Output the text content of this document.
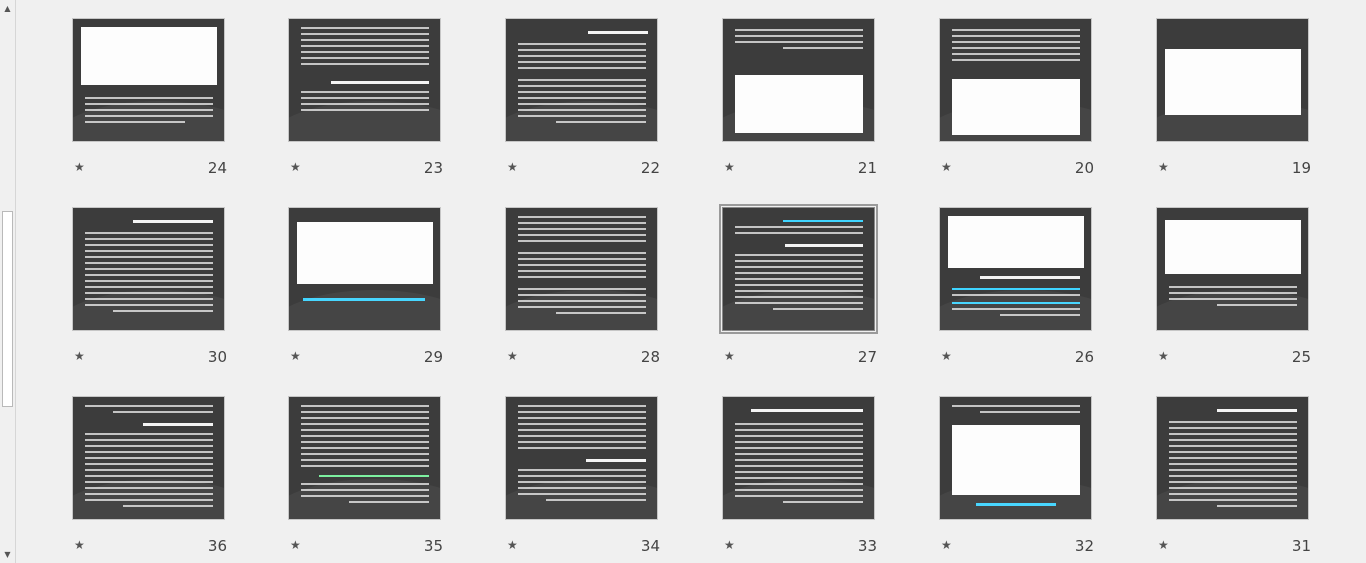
▲
▼
★	24	★	23	★	22	★	21	★	20	★	19
★	30	★	29	★	28	★	27	★	26	★	25
★	36	★	35	★	34	★	33	★	32	★	31
